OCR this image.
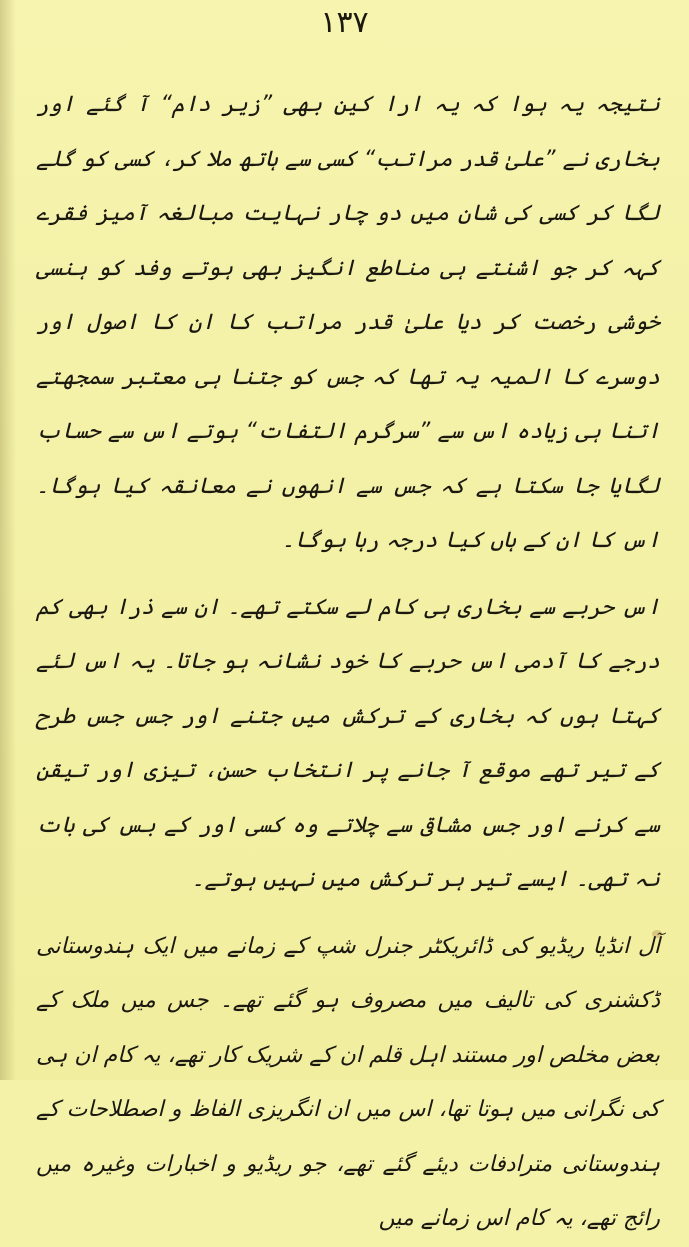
۱۳۷

نتیجہ یہ ہوا کہ یہ ارا کین بھی ”زیر دام“ آ گئے اور بخاری نے ”علیٰ قدر مراتب“ کسی سے ہاتھ ملا کر، کسی کو گلے لگا کر کسی کی شان میں دو چار نہایت مبالغہ آمیز فقرے کہہ کر جو اشنتے ہی مناطع انگیز بھی ہوتے وفد کو ہنسی خوشی رخصت کر دیا علیٰ قدر مراتب کا ان کا اصول اور دوسرے کا المیہ یہ تھا کہ جس کو جتنا ہی معتبر سمجھتے اتنا ہی زیادہ اس سے ”سرگرم التفات“ ہوتے اس سے حساب لگایا جا سکتا ہے کہ جس سے انھوں نے معانقہ کیا ہوگا۔ اس کا ان کے ہاں کیا درجہ رہا ہوگا۔

اس حربے سے بخاری ہی کام لے سکتے تھے۔ ان سے ذرا بھی کم درجے کا آدمی اس حربے کا خود نشانہ ہو جاتا۔ یہ اس لئے کہتا ہوں کہ بخاری کے ترکش میں جتنے اور جس جس طرح کے تیر تھے موقع آ جانے پر انتخاب حسن، تیزی اور تیقن سے کرنے اور جس مشاقی سے چلاتے وہ کسی اور کے بس کی بات نہ تھی۔ ایسے تیر ہر ترکش میں نہیں ہوتے۔

آل انڈیا ریڈیو کی ڈائریکٹر جنرل شپ کے زمانے میں ایک ہندوستانی ڈکشنری کی تالیف میں مصروف ہو گئے تھے۔ جس میں ملک کے بعض مخلص اور مستند اہل قلم ان کے شریک کار تھے، یہ کام ان ہی کی نگرانی میں ہوتا تھا، اس میں ان انگریزی الفاظ و اصطلاحات کے ہندوستانی مترادفات دیئے گئے تھے، جو ریڈیو و اخبارات وغیرہ میں رائج تھے، یہ کام اس زمانے میں
